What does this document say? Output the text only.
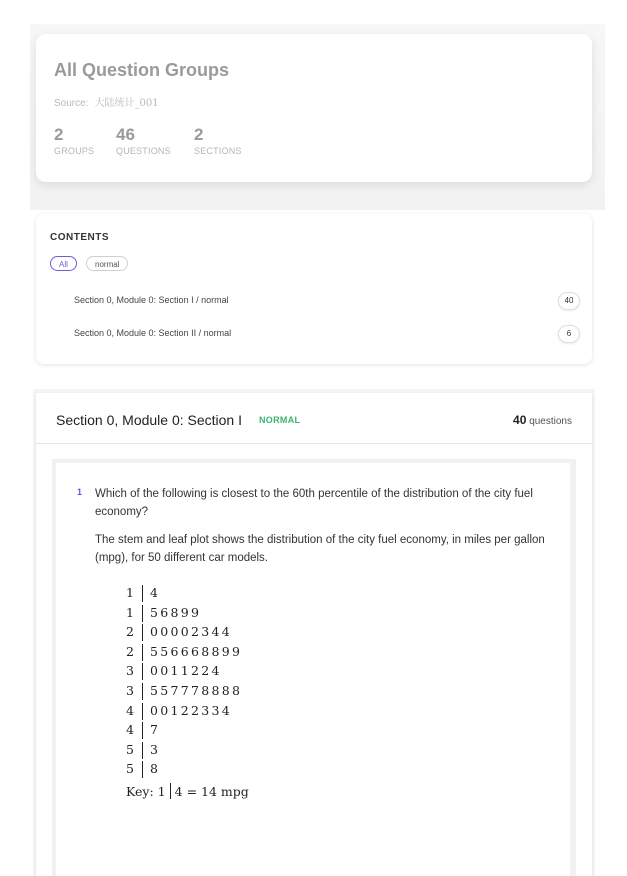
All Question Groups
Source: 大陆统计_001
2
GROUPS
46
QUESTIONS
2
SECTIONS
CONTENTS
All	normal
Section 0, Module 0: Section I / normal	40
Section 0, Module 0: Section II / normal	6
Section 0, Module 0: Section I NORMAL	40 questions
1 Which of the following is closest to the 60th percentile of the distribution of the city fuel economy?

The stem and leaf plot shows the distribution of the city fuel economy, in miles per gallon (mpg), for 50 different car models.

1 4
1 56899
2 00002344
2 556668899
3 0011224
3 557778888
4 00122334
4 7
5 3
5 8
Key: 1 4 = 14 mpg
